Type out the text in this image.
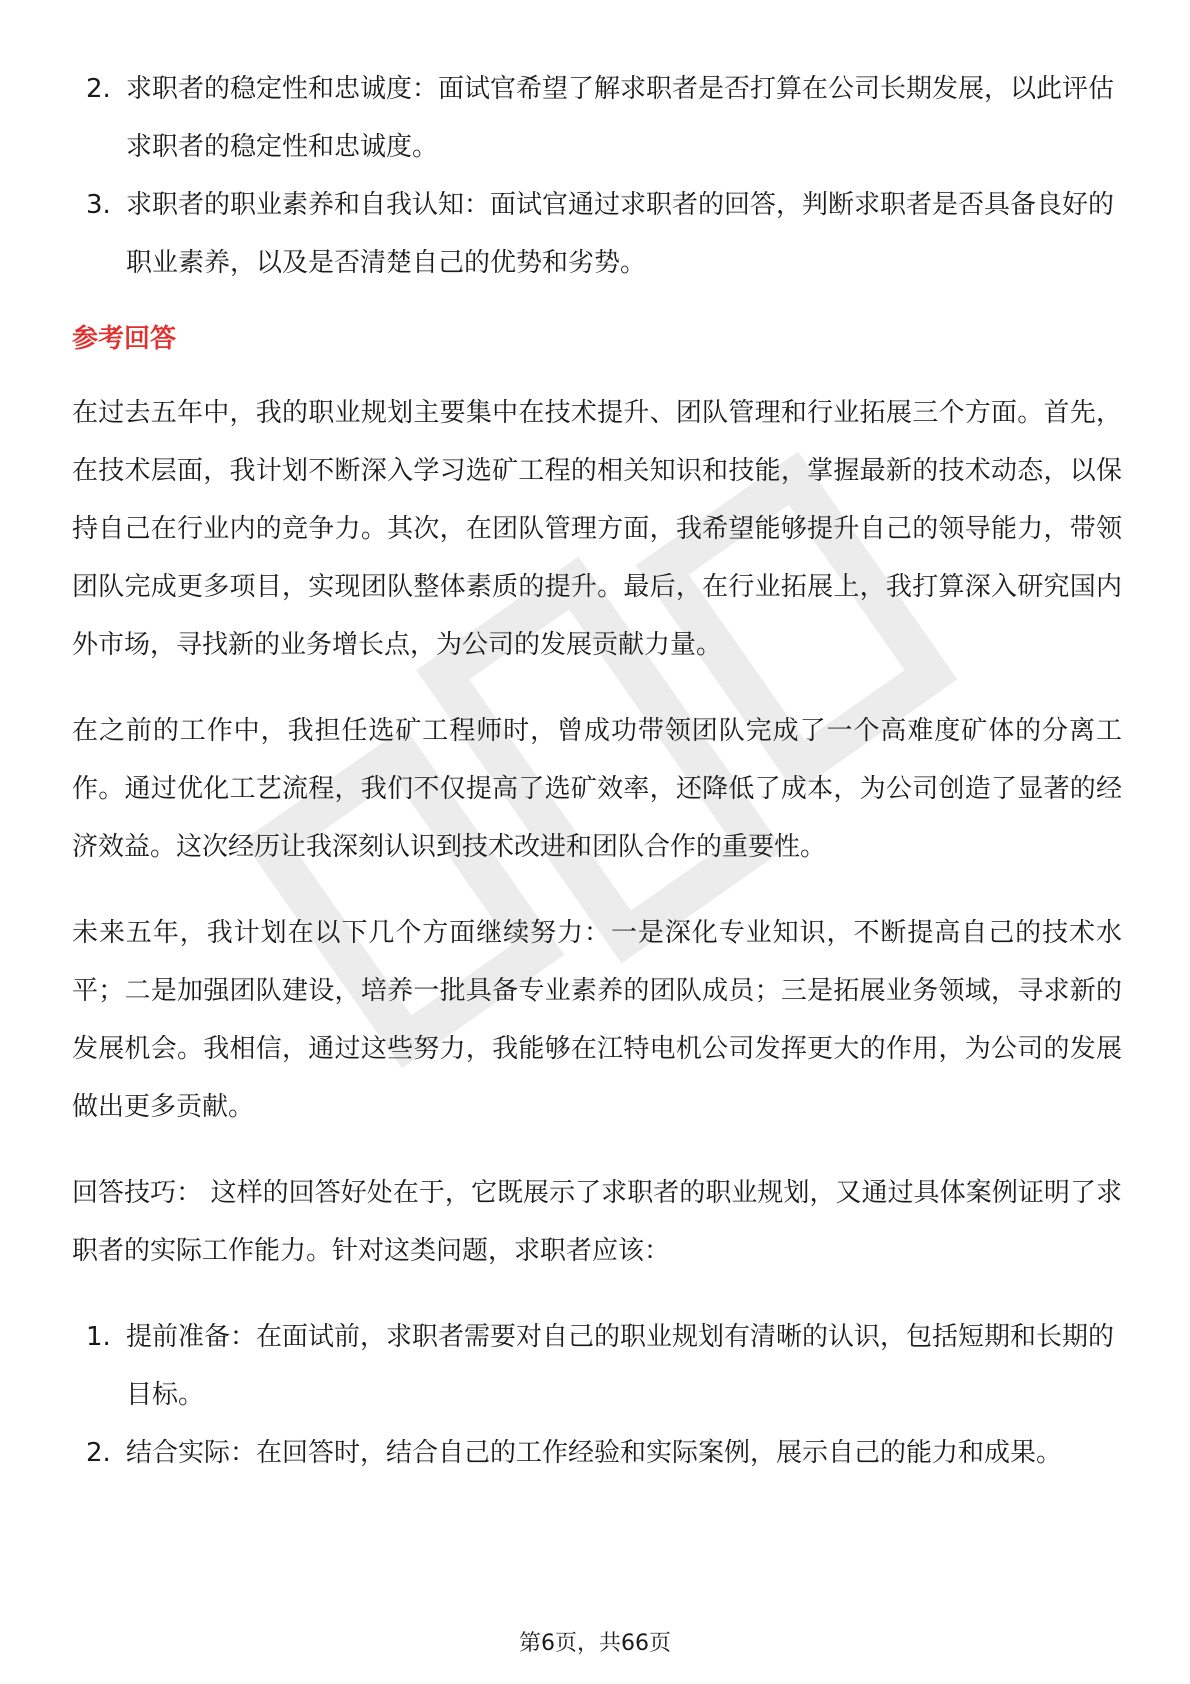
2. 求职者的稳定性和忠诚度：面试官希望了解求职者是否打算在公司长期发展，以此评估求职者的稳定性和忠诚度。
3. 求职者的职业素养和自我认知：面试官通过求职者的回答，判断求职者是否具备良好的职业素养，以及是否清楚自己的优势和劣势。
参考回答

在过去五年中，我的职业规划主要集中在技术提升、团队管理和行业拓展三个方面。首先，在技术层面，我计划不断深入学习选矿工程的相关知识和技能，掌握最新的技术动态，以保持自己在行业内的竞争力。其次，在团队管理方面，我希望能够提升自己的领导能力，带领团队完成更多项目，实现团队整体素质的提升。最后，在行业拓展上，我打算深入研究国内外市场，寻找新的业务增长点，为公司的发展贡献力量。

在之前的工作中，我担任选矿工程师时，曾成功带领团队完成了一个高难度矿体的分离工作。通过优化工艺流程，我们不仅提高了选矿效率，还降低了成本，为公司创造了显著的经济效益。这次经历让我深刻认识到技术改进和团队合作的重要性。

未来五年，我计划在以下几个方面继续努力：一是深化专业知识，不断提高自己的技术水平；二是加强团队建设，培养一批具备专业素养的团队成员；三是拓展业务领域，寻求新的发展机会。我相信，通过这些努力，我能够在江特电机公司发挥更大的作用，为公司的发展做出更多贡献。

回答技巧： 这样的回答好处在于，它既展示了求职者的职业规划，又通过具体案例证明了求职者的实际工作能力。针对这类问题，求职者应该：

1. 提前准备：在面试前，求职者需要对自己的职业规划有清晰的认识，包括短期和长期的目标。
2. 结合实际：在回答时，结合自己的工作经验和实际案例，展示自己的能力和成果。
第6页，共66页
